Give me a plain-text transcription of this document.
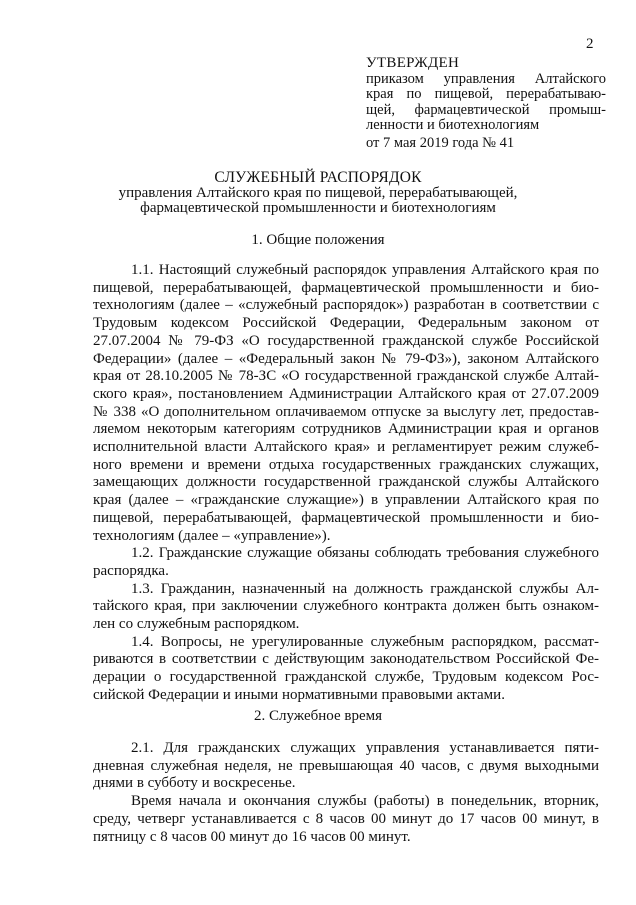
2
УТВЕРЖДЕН
приказом управления Алтайского
края по пищевой, перерабатываю-
щей, фармацевтической промыш-
ленности и биотехнологиям
от 7 мая 2019 года № 41
СЛУЖЕБНЫЙ РАСПОРЯДОК
управления Алтайского края по пищевой, перерабатывающей,
фармацевтической промышленности и биотехнологиям
1. Общие положения
1.1. Настоящий служебный распорядок управления Алтайского края по
пищевой, перерабатывающей, фармацевтической промышленности и био-
технологиям (далее – «служебный распорядок») разработан в соответствии с
Трудовым кодексом Российской Федерации, Федеральным законом от
27.07.2004 № 79-ФЗ «О государственной гражданской службе Российской
Федерации» (далее – «Федеральный закон № 79-ФЗ»), законом Алтайского
края от 28.10.2005 № 78-ЗС «О государственной гражданской службе Алтай-
ского края», постановлением Администрации Алтайского края от 27.07.2009
№ 338 «О дополнительном оплачиваемом отпуске за выслугу лет, предостав-
ляемом некоторым категориям сотрудников Администрации края и органов
исполнительной власти Алтайского края» и регламентирует режим служеб-
ного времени и времени отдыха государственных гражданских служащих,
замещающих должности государственной гражданской службы Алтайского
края (далее – «гражданские служащие») в управлении Алтайского края по
пищевой, перерабатывающей, фармацевтической промышленности и био-
технологиям (далее – «управление»).
1.2. Гражданские служащие обязаны соблюдать требования служебного
распорядка.
1.3. Гражданин, назначенный на должность гражданской службы Ал-
тайского края, при заключении служебного контракта должен быть ознаком-
лен со служебным распорядком.
1.4. Вопросы, не урегулированные служебным распорядком, рассмат-
риваются в соответствии с действующим законодательством Российской Фе-
дерации о государственной гражданской службе, Трудовым кодексом Рос-
сийской Федерации и иными нормативными правовыми актами.
2. Служебное время
2.1. Для гражданских служащих управления устанавливается пяти-
дневная служебная неделя, не превышающая 40 часов, с двумя выходными
днями в субботу и воскресенье.
Время начала и окончания службы (работы) в понедельник, вторник,
среду, четверг устанавливается с 8 часов 00 минут до 17 часов 00 минут, в
пятницу с 8 часов 00 минут до 16 часов 00 минут.
